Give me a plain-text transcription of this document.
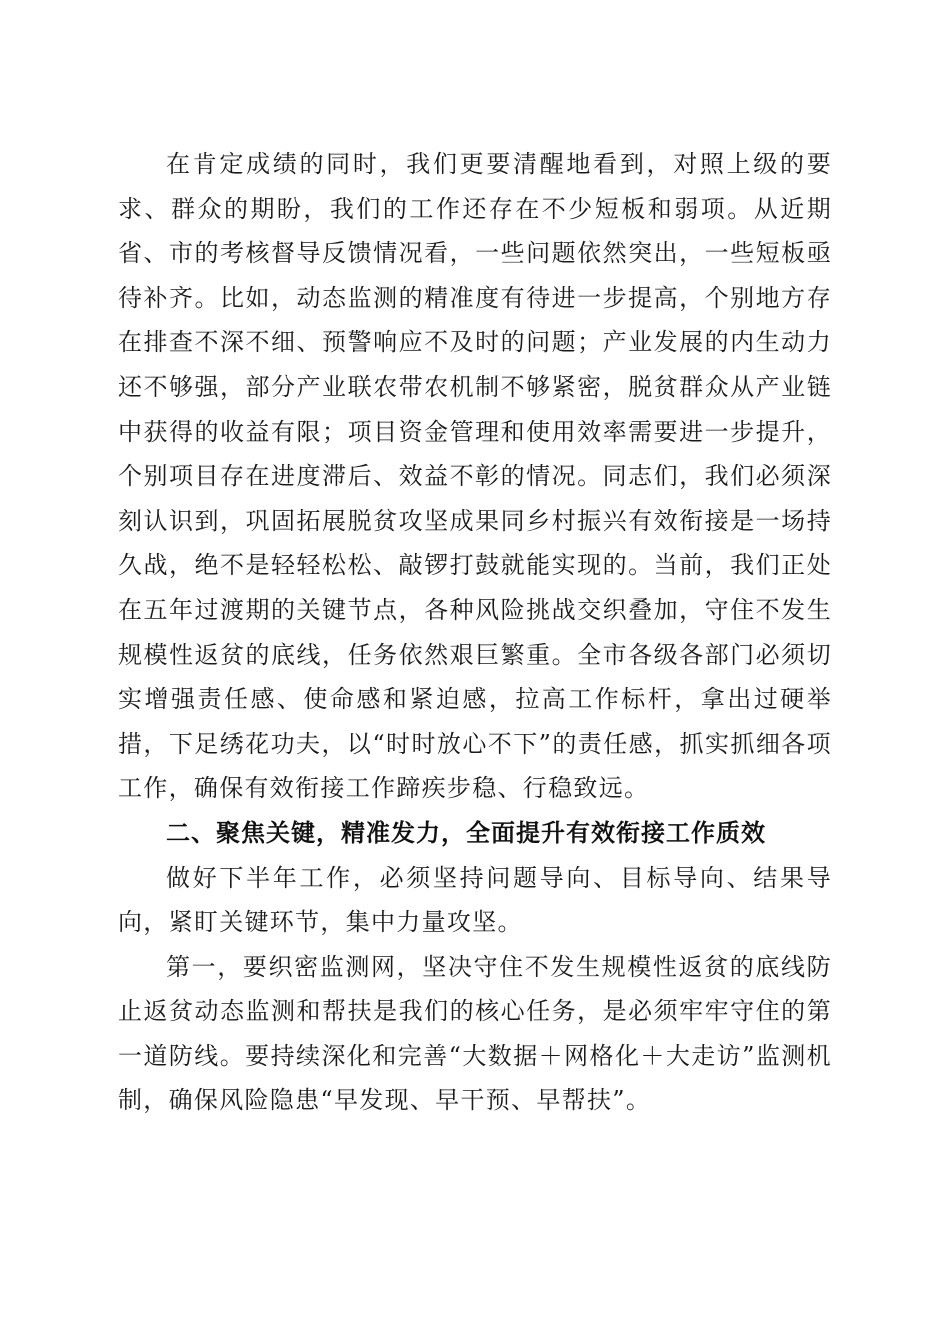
在肯定成绩的同时，我们更要清醒地看到，对照上级的要求、群众的期盼，我们的工作还存在不少短板和弱项。从近期省、市的考核督导反馈情况看，一些问题依然突出，一些短板亟待补齐。比如，动态监测的精准度有待进一步提高，个别地方存在排查不深不细、预警响应不及时的问题；产业发展的内生动力还不够强，部分产业联农带农机制不够紧密，脱贫群众从产业链中获得的收益有限；项目资金管理和使用效率需要进一步提升，个别项目存在进度滞后、效益不彰的情况。同志们，我们必须深刻认识到，巩固拓展脱贫攻坚成果同乡村振兴有效衔接是一场持久战，绝不是轻轻松松、敲锣打鼓就能实现的。当前，我们正处在五年过渡期的关键节点，各种风险挑战交织叠加，守住不发生规模性返贫的底线，任务依然艰巨繁重。全市各级各部门必须切实增强责任感、使命感和紧迫感，拉高工作标杆，拿出过硬举措，下足绣花功夫，以“时时放心不下”的责任感，抓实抓细各项工作，确保有效衔接工作蹄疾步稳、行稳致远。

二、聚焦关键，精准发力，全面提升有效衔接工作质效

做好下半年工作，必须坚持问题导向、目标导向、结果导向，紧盯关键环节，集中力量攻坚。

第一，要织密监测网，坚决守住不发生规模性返贫的底线防止返贫动态监测和帮扶是我们的核心任务，是必须牢牢守住的第一道防线。要持续深化和完善“大数据＋网格化＋大走访”监测机制，确保风险隐患“早发现、早干预、早帮扶”。
